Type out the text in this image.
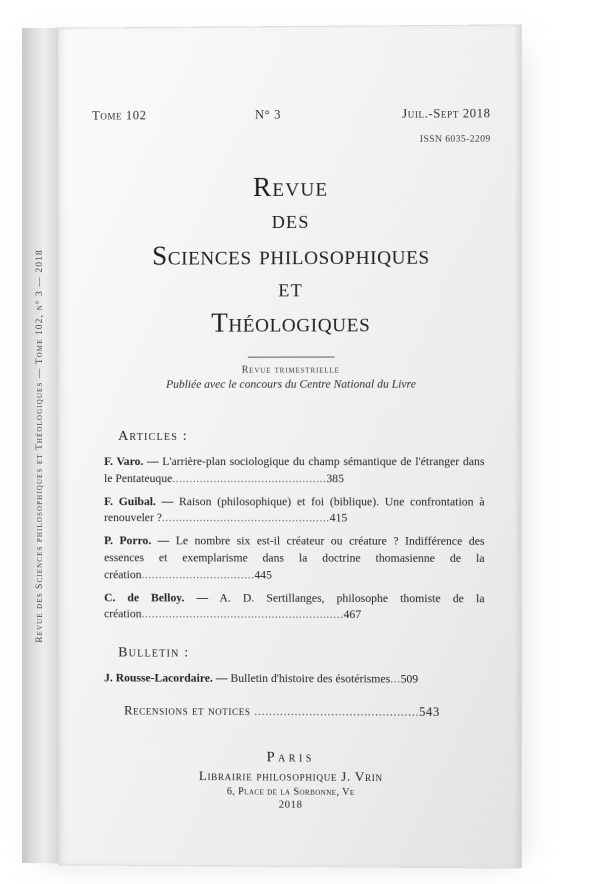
Revue des Sciences philosophiques et Théologiques — Tome 102, n° 3 — 2018
Tome 102	N° 3	Juil.-Sept 2018
ISSN 6035-2209
Revue
des
Sciences philosophiques
et
Théologiques
Revue trimestrielle
Publiée avec le concours du Centre National du Livre
Articles :
F. Varo. — L'arrière-plan sociologique du champ sémantique de l'étranger dans le Pentateuque.............................................385
F. Guibal. — Raison (philosophique) et foi (biblique). Une confrontation à renouveler ?.................................................415
P. Porro. — Le nombre six est-il créateur ou créature ? Indifférence des essences et exemplarisme dans la doctrine thomasienne de la création.................................445
C. de Belloy. — A. D. Sertillanges, philosophe thomiste de la création...........................................................467
Bulletin :
J. Rousse-Lacordaire. — Bulletin d'histoire des ésotérismes...509
Recensions et notices .............................................543
Paris
Librairie philosophique J. Vrin
6, Place de la Sorbonne, Ve
2018
